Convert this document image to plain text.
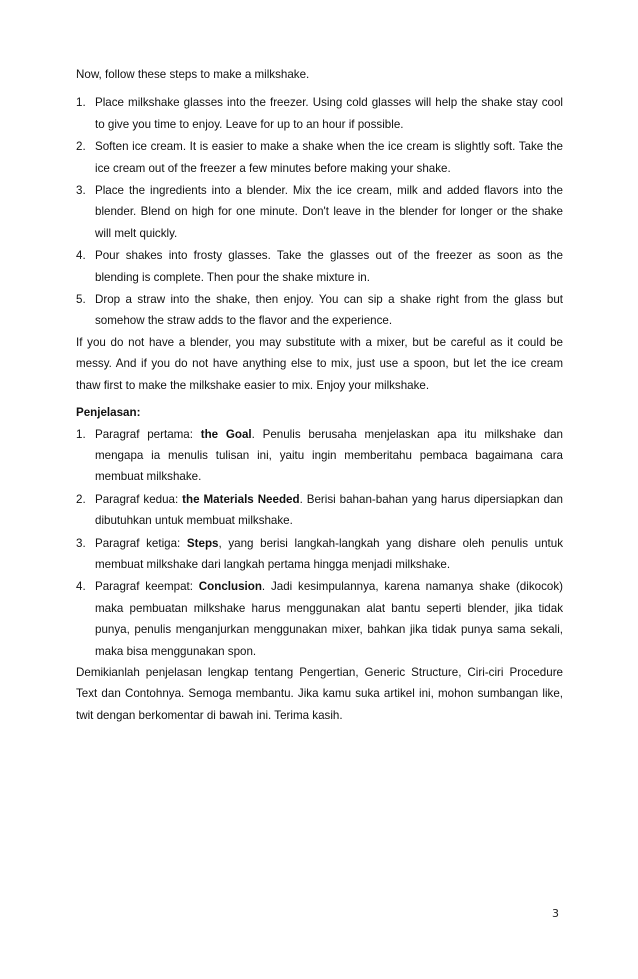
Now, follow these steps to make a milkshake.

1. Place milkshake glasses into the freezer. Using cold glasses will help the shake stay cool to give you time to enjoy. Leave for up to an hour if possible.
2. Soften ice cream. It is easier to make a shake when the ice cream is slightly soft. Take the ice cream out of the freezer a few minutes before making your shake.
3. Place the ingredients into a blender. Mix the ice cream, milk and added flavors into the blender. Blend on high for one minute. Don't leave in the blender for longer or the shake will melt quickly.
4. Pour shakes into frosty glasses. Take the glasses out of the freezer as soon as the blending is complete. Then pour the shake mixture in.
5. Drop a straw into the shake, then enjoy. You can sip a shake right from the glass but somehow the straw adds to the flavor and the experience.

If you do not have a blender, you may substitute with a mixer, but be careful as it could be messy. And if you do not have anything else to mix, just use a spoon, but let the ice cream thaw first to make the milkshake easier to mix. Enjoy your milkshake.

Penjelasan:

1. Paragraf pertama: the Goal. Penulis berusaha menjelaskan apa itu milkshake dan mengapa ia menulis tulisan ini, yaitu ingin memberitahu pembaca bagaimana cara membuat milkshake.
2. Paragraf kedua: the Materials Needed. Berisi bahan-bahan yang harus dipersiapkan dan dibutuhkan untuk membuat milkshake.
3. Paragraf ketiga: Steps, yang berisi langkah-langkah yang dishare oleh penulis untuk membuat milkshake dari langkah pertama hingga menjadi milkshake.
4. Paragraf keempat: Conclusion. Jadi kesimpulannya, karena namanya shake (dikocok) maka pembuatan milkshake harus menggunakan alat bantu seperti blender, jika tidak punya, penulis menganjurkan menggunakan mixer, bahkan jika tidak punya sama sekali, maka bisa menggunakan spon.

Demikianlah penjelasan lengkap tentang Pengertian, Generic Structure, Ciri-ciri Procedure Text dan Contohnya. Semoga membantu. Jika kamu suka artikel ini, mohon sumbangan like, twit dengan berkomentar di bawah ini. Terima kasih.

3
